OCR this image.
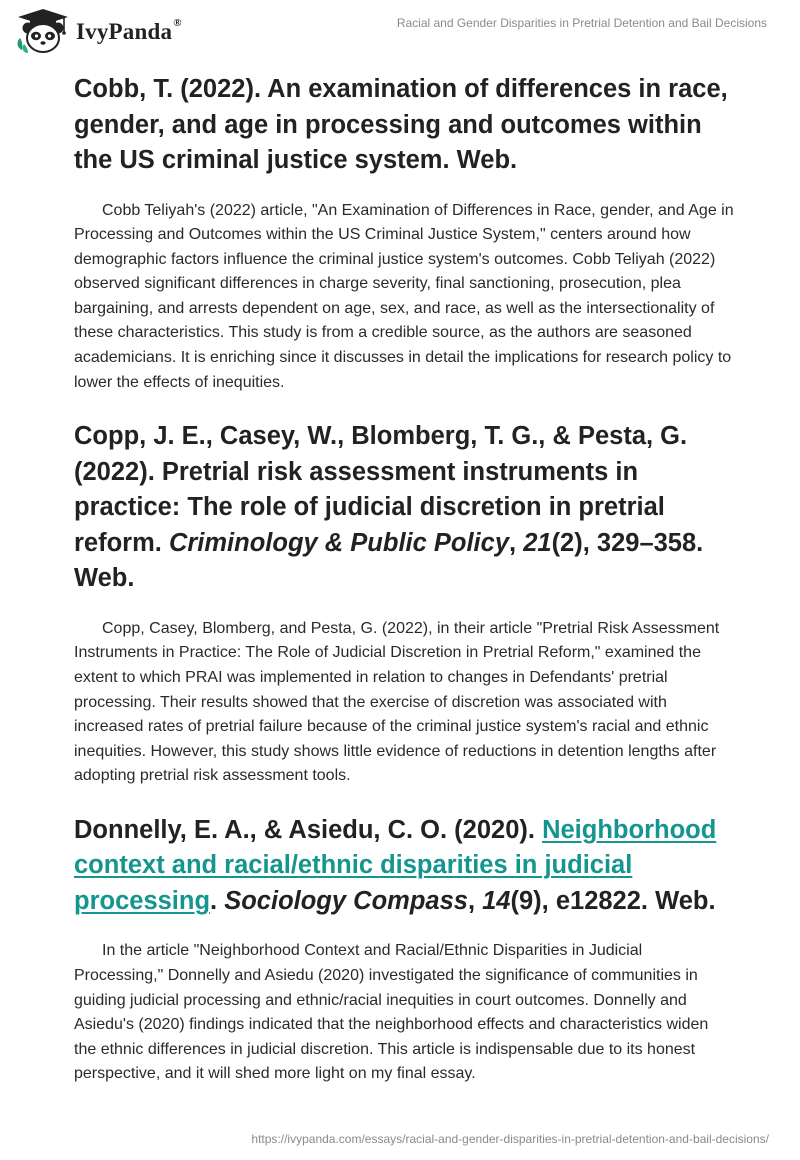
IvyPanda®	Racial and Gender Disparities in Pretrial Detention and Bail Decisions
Cobb, T. (2022). An examination of differences in race, gender, and age in processing and outcomes within the US criminal justice system. Web.

Cobb Teliyah's (2022) article, "An Examination of Differences in Race, gender, and Age in Processing and Outcomes within the US Criminal Justice System," centers around how demographic factors influence the criminal justice system's outcomes. Cobb Teliyah (2022) observed significant differences in charge severity, final sanctioning, prosecution, plea bargaining, and arrests dependent on age, sex, and race, as well as the intersectionality of these characteristics. This study is from a credible source, as the authors are seasoned academicians. It is enriching since it discusses in detail the implications for research policy to lower the effects of inequities.

Copp, J. E., Casey, W., Blomberg, T. G., & Pesta, G. (2022). Pretrial risk assessment instruments in practice: The role of judicial discretion in pretrial reform. Criminology & Public Policy, 21(2), 329–358. Web.

Copp, Casey, Blomberg, and Pesta, G. (2022), in their article "Pretrial Risk Assessment Instruments in Practice: The Role of Judicial Discretion in Pretrial Reform," examined the extent to which PRAI was implemented in relation to changes in Defendants' pretrial processing. Their results showed that the exercise of discretion was associated with increased rates of pretrial failure because of the criminal justice system's racial and ethnic inequities. However, this study shows little evidence of reductions in detention lengths after adopting pretrial risk assessment tools.

Donnelly, E. A., & Asiedu, C. O. (2020). Neighborhood context and racial/ethnic disparities in judicial processing. Sociology Compass, 14(9), e12822. Web.

In the article "Neighborhood Context and Racial/Ethnic Disparities in Judicial Processing," Donnelly and Asiedu (2020) investigated the significance of communities in guiding judicial processing and ethnic/racial inequities in court outcomes. Donnelly and Asiedu's (2020) findings indicated that the neighborhood effects and characteristics widen the ethnic differences in judicial discretion. This article is indispensable due to its honest perspective, and it will shed more light on my final essay.

https://ivypanda.com/essays/racial-and-gender-disparities-in-pretrial-detention-and-bail-decisions/
